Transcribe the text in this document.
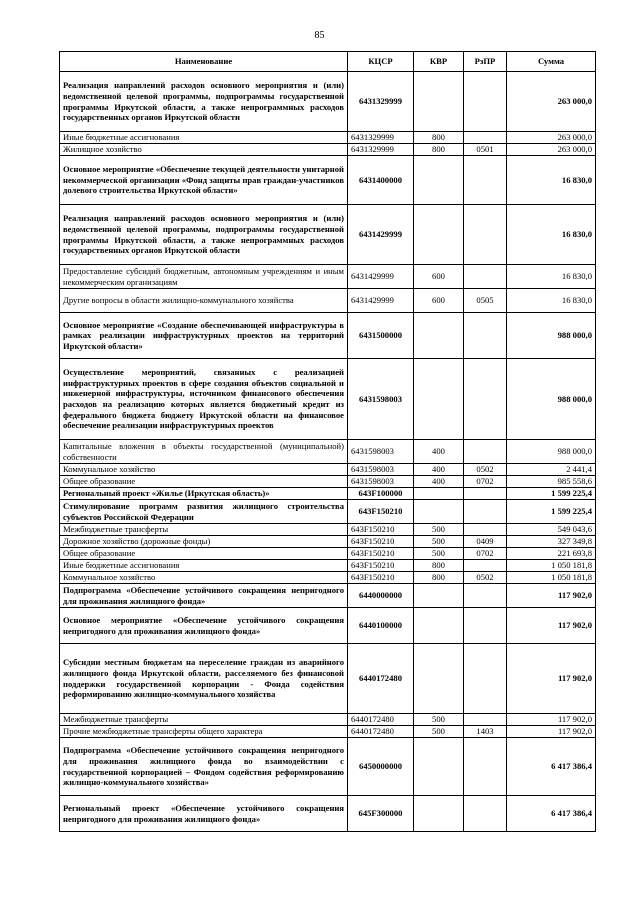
85
Наименование	КЦСР	КВР	РзПР	Сумма
Реализация направлений расходов основного мероприятия и (или) ведомственной целевой программы, подпрограммы государственной программы Иркутской области, а также непрограммных расходов государственных органов Иркутской области	6431329999			263 000,0
Иные бюджетные ассигнования	6431329999	800		263 000,0
Жилищное хозяйство	6431329999	800	0501	263 000,0
Основное мероприятие «Обеспечение текущей деятельности унитарной некоммерческой организации «Фонд защиты прав граждан-участников долевого строительства Иркутской области»	6431400000			16 830,0
Реализация направлений расходов основного мероприятия и (или) ведомственной целевой программы, подпрограммы государственной программы Иркутской области, а также непрограммных расходов государственных органов Иркутской области	6431429999			16 830,0
Предоставление субсидий бюджетным, автономным учреждениям и иным некоммерческим организациям	6431429999	600		16 830,0
Другие вопросы в области жилищно-коммунального хозяйства	6431429999	600	0505	16 830,0
Основное мероприятие «Создание обеспечивающей инфраструктуры в рамках реализации инфраструктурных проектов на территорий Иркутской области»	6431500000			988 000,0
Осуществление мероприятий, связанных с реализацией инфраструктурных проектов в сфере создания объектов социальной и инженерной инфраструктуры, источником финансового обеспечения расходов на реализацию которых является бюджетный кредит из федерального бюджета бюджету Иркутской области на финансовое обеспечение реализации инфраструктурных проектов	6431598003			988 000,0
Капитальные вложения в объекты государственной (муниципальной) собственности	6431598003	400		988 000,0
Коммунальное хозяйство	6431598003	400	0502	2 441,4
Общее образование	6431598003	400	0702	985 558,6
Региональный проект «Жилье (Иркутская область)»	643F100000			1 599 225,4
Стимулирование программ развития жилищного строительства субъектов Российской Федерации	643F150210			1 599 225,4
Межбюджетные трансферты	643F150210	500		549 043,6
Дорожное хозяйство (дорожные фонды)	643F150210	500	0409	327 349,8
Общее образование	643F150210	500	0702	221 693,8
Иные бюджетные ассигнования	643F150210	800		1 050 181,8
Коммунальное хозяйство	643F150210	800	0502	1 050 181,8
Подпрограмма «Обеспечение устойчивого сокращения непригодного для проживания жилищного фонда»	6440000000			117 902,0
Основное мероприятие «Обеспечение устойчивого сокращения непригодного для проживания жилищного фонда»	6440100000			117 902,0
Субсидии местным бюджетам на переселение граждан из аварийного жилищного фонда Иркутской области, расселяемого без финансовой поддержки государственной корпорации - Фонда содействия реформированию жилищно-коммунального хозяйства	6440172480			117 902,0
Межбюджетные трансферты	6440172480	500		117 902,0
Прочие межбюджетные трансферты общего характера	6440172480	500	1403	117 902,0
Подпрограмма «Обеспечение устойчивого сокращения непригодного для проживания жилищного фонда во взаимодействии с государственной корпорацией – Фондом содействия реформированию жилищно-коммунального хозяйства»	6450000000			6 417 386,4
Региональный проект «Обеспечение устойчивого сокращения непригодного для проживания жилищного фонда»	645F300000			6 417 386,4
